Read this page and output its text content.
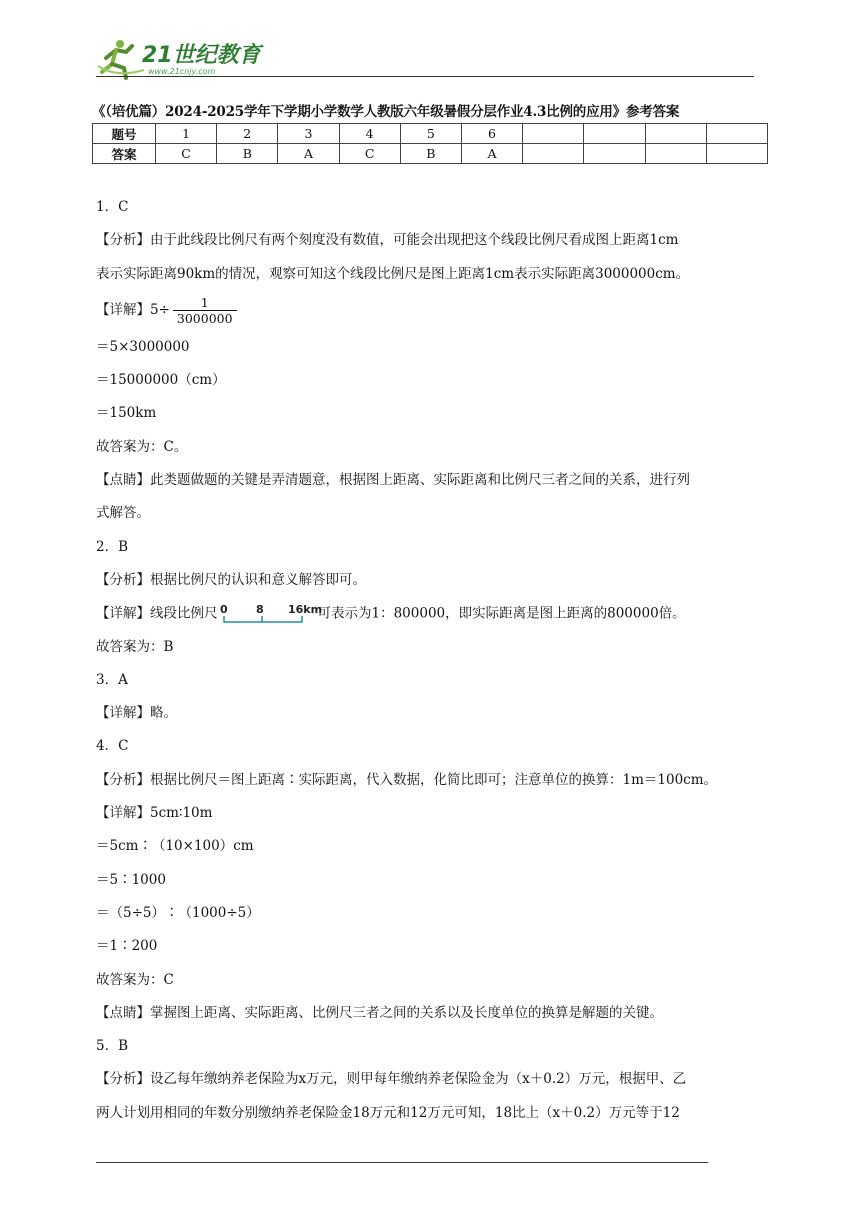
21世纪教育
www.21cnjy.com
《（培优篇）2024-2025学年下学期小学数学人教版六年级暑假分层作业4.3比例的应用》参考答案
题号	1	2	3	4	5	6				
答案	C	B	A	C	B	A				
1．C
【分析】由于此线段比例尺有两个刻度没有数值，可能会出现把这个线段比例尺看成图上距离1cm
表示实际距离90km的情况，观察可知这个线段比例尺是图上距离1cm表示实际距离3000000cm。
【详解】$5\div \frac{1}{3000000}$
＝5×3000000
＝15000000（cm）
＝150km
故答案为：C。
【点睛】此类题做题的关键是弄清题意，根据图上距离、实际距离和比例尺三者之间的关系，进行列
式解答。
2．B
【分析】根据比例尺的认识和意义解答即可。
【详解】线段比例尺 0	8 16km
可表示为1：800000，即实际距离是图上距离的800000倍。
故答案为：B
3．A
【详解】略。
4．C
【分析】根据比例尺＝图上距离∶实际距离，代入数据，化简比即可；注意单位的换算：1m＝100cm。
【详解】5cm∶10m
＝5cm∶（10×100）cm
＝5∶1000
＝（5÷5）∶（1000÷5）
＝1∶200
故答案为：C
【点睛】掌握图上距离、实际距离、比例尺三者之间的关系以及长度单位的换算是解题的关键。
5．B
【分析】设乙每年缴纳养老保险为x万元，则甲每年缴纳养老保险金为（x＋0.2）万元，根据甲、乙
两人计划用相同的年数分别缴纳养老保险金18万元和12万元可知，18比上（x＋0.2）万元等于12
